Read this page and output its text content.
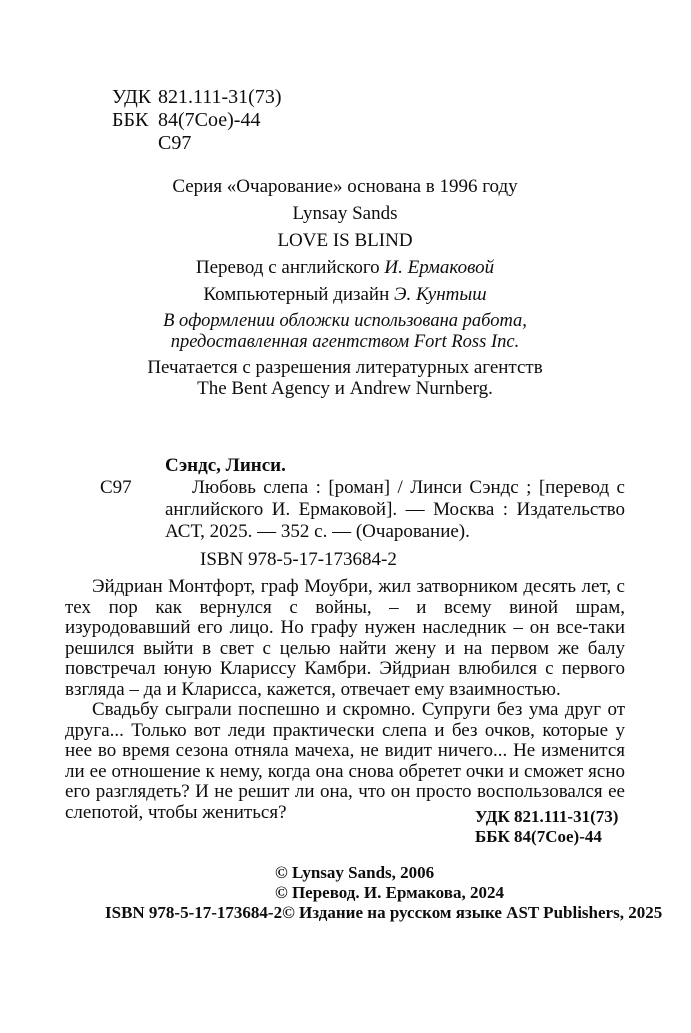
УДК 821.111-31(73)
ББК 84(7Сое)-44
С97
Серия «Очарование» основана в 1996 году
Lynsay Sands
LOVE IS BLIND
Перевод с английского И. Ермаковой
Компьютерный дизайн Э. Кунтыш
В оформлении обложки использована работа,
предоставленная агентством Fort Ross Inc.
Печатается с разрешения литературных агентств
The Bent Agency и Andrew Nurnberg.
Сэндс, Линси.
С97	Любовь слепа : [роман] / Линси Сэндс ; [перевод с английского И. Ермаковой]. — Москва : Издательство АСТ, 2025. — 352 с. — (Очарование).
ISBN 978-5-17-173684-2

Эйдриан Монтфорт, граф Моубри, жил затворником десять лет, с тех пор как вернулся с войны, – и всему виной шрам, изуродовавший его лицо. Но графу нужен наследник – он все-таки решился выйти в свет с целью найти жену и на первом же балу повстречал юную Клариссу Камбри. Эйдриан влюбился с первого взгляда – да и Кларисса, кажется, отвечает ему взаимностью.

Свадьбу сыграли поспешно и скромно. Супруги без ума друг от друга... Только вот леди практически слепа и без очков, которые у нее во время сезона отняла мачеха, не видит ничего... Не изменится ли ее отношение к нему, когда она снова обретет очки и сможет ясно его разглядеть? И не решит ли она, что он просто воспользовался ее слепотой, чтобы жениться?	УДК 821.111-31(73)
ББК 84(7Сое)-44
© Lynsay Sands, 2006
© Перевод. И. Ермакова, 2024
ISBN 978-5-17-173684-2 © Издание на русском языке AST Publishers, 2025
